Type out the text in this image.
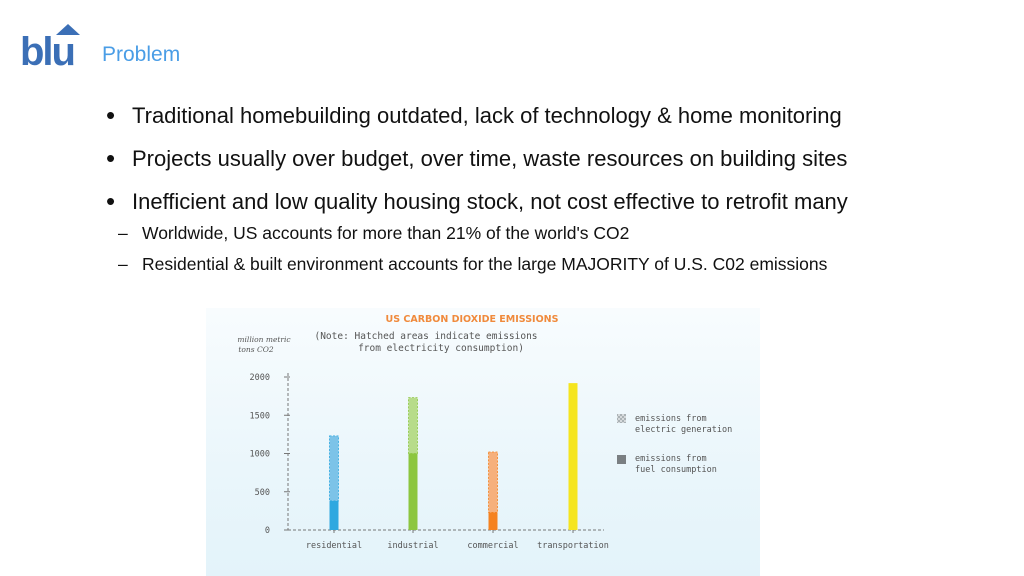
blu Problem
• Traditional homebuilding outdated, lack of technology & home monitoring
• Projects usually over budget, over time, waste resources on building sites
• Inefficient and low quality housing stock, not cost effective to retrofit many
– Worldwide, US accounts for more than 21% of the world's CO2
– Residential & built environment accounts for the large MAJORITY of U.S. C02 emissions
US CARBON DIOXIDE EMISSIONS
(Note: Hatched areas indicate emissions
from electricity consumption)
million metric
tons CO2
0
500
1000
1500
2000
residential	industrial	commercial transportation
emissions from
electric generation
emissions from
fuel consumption
